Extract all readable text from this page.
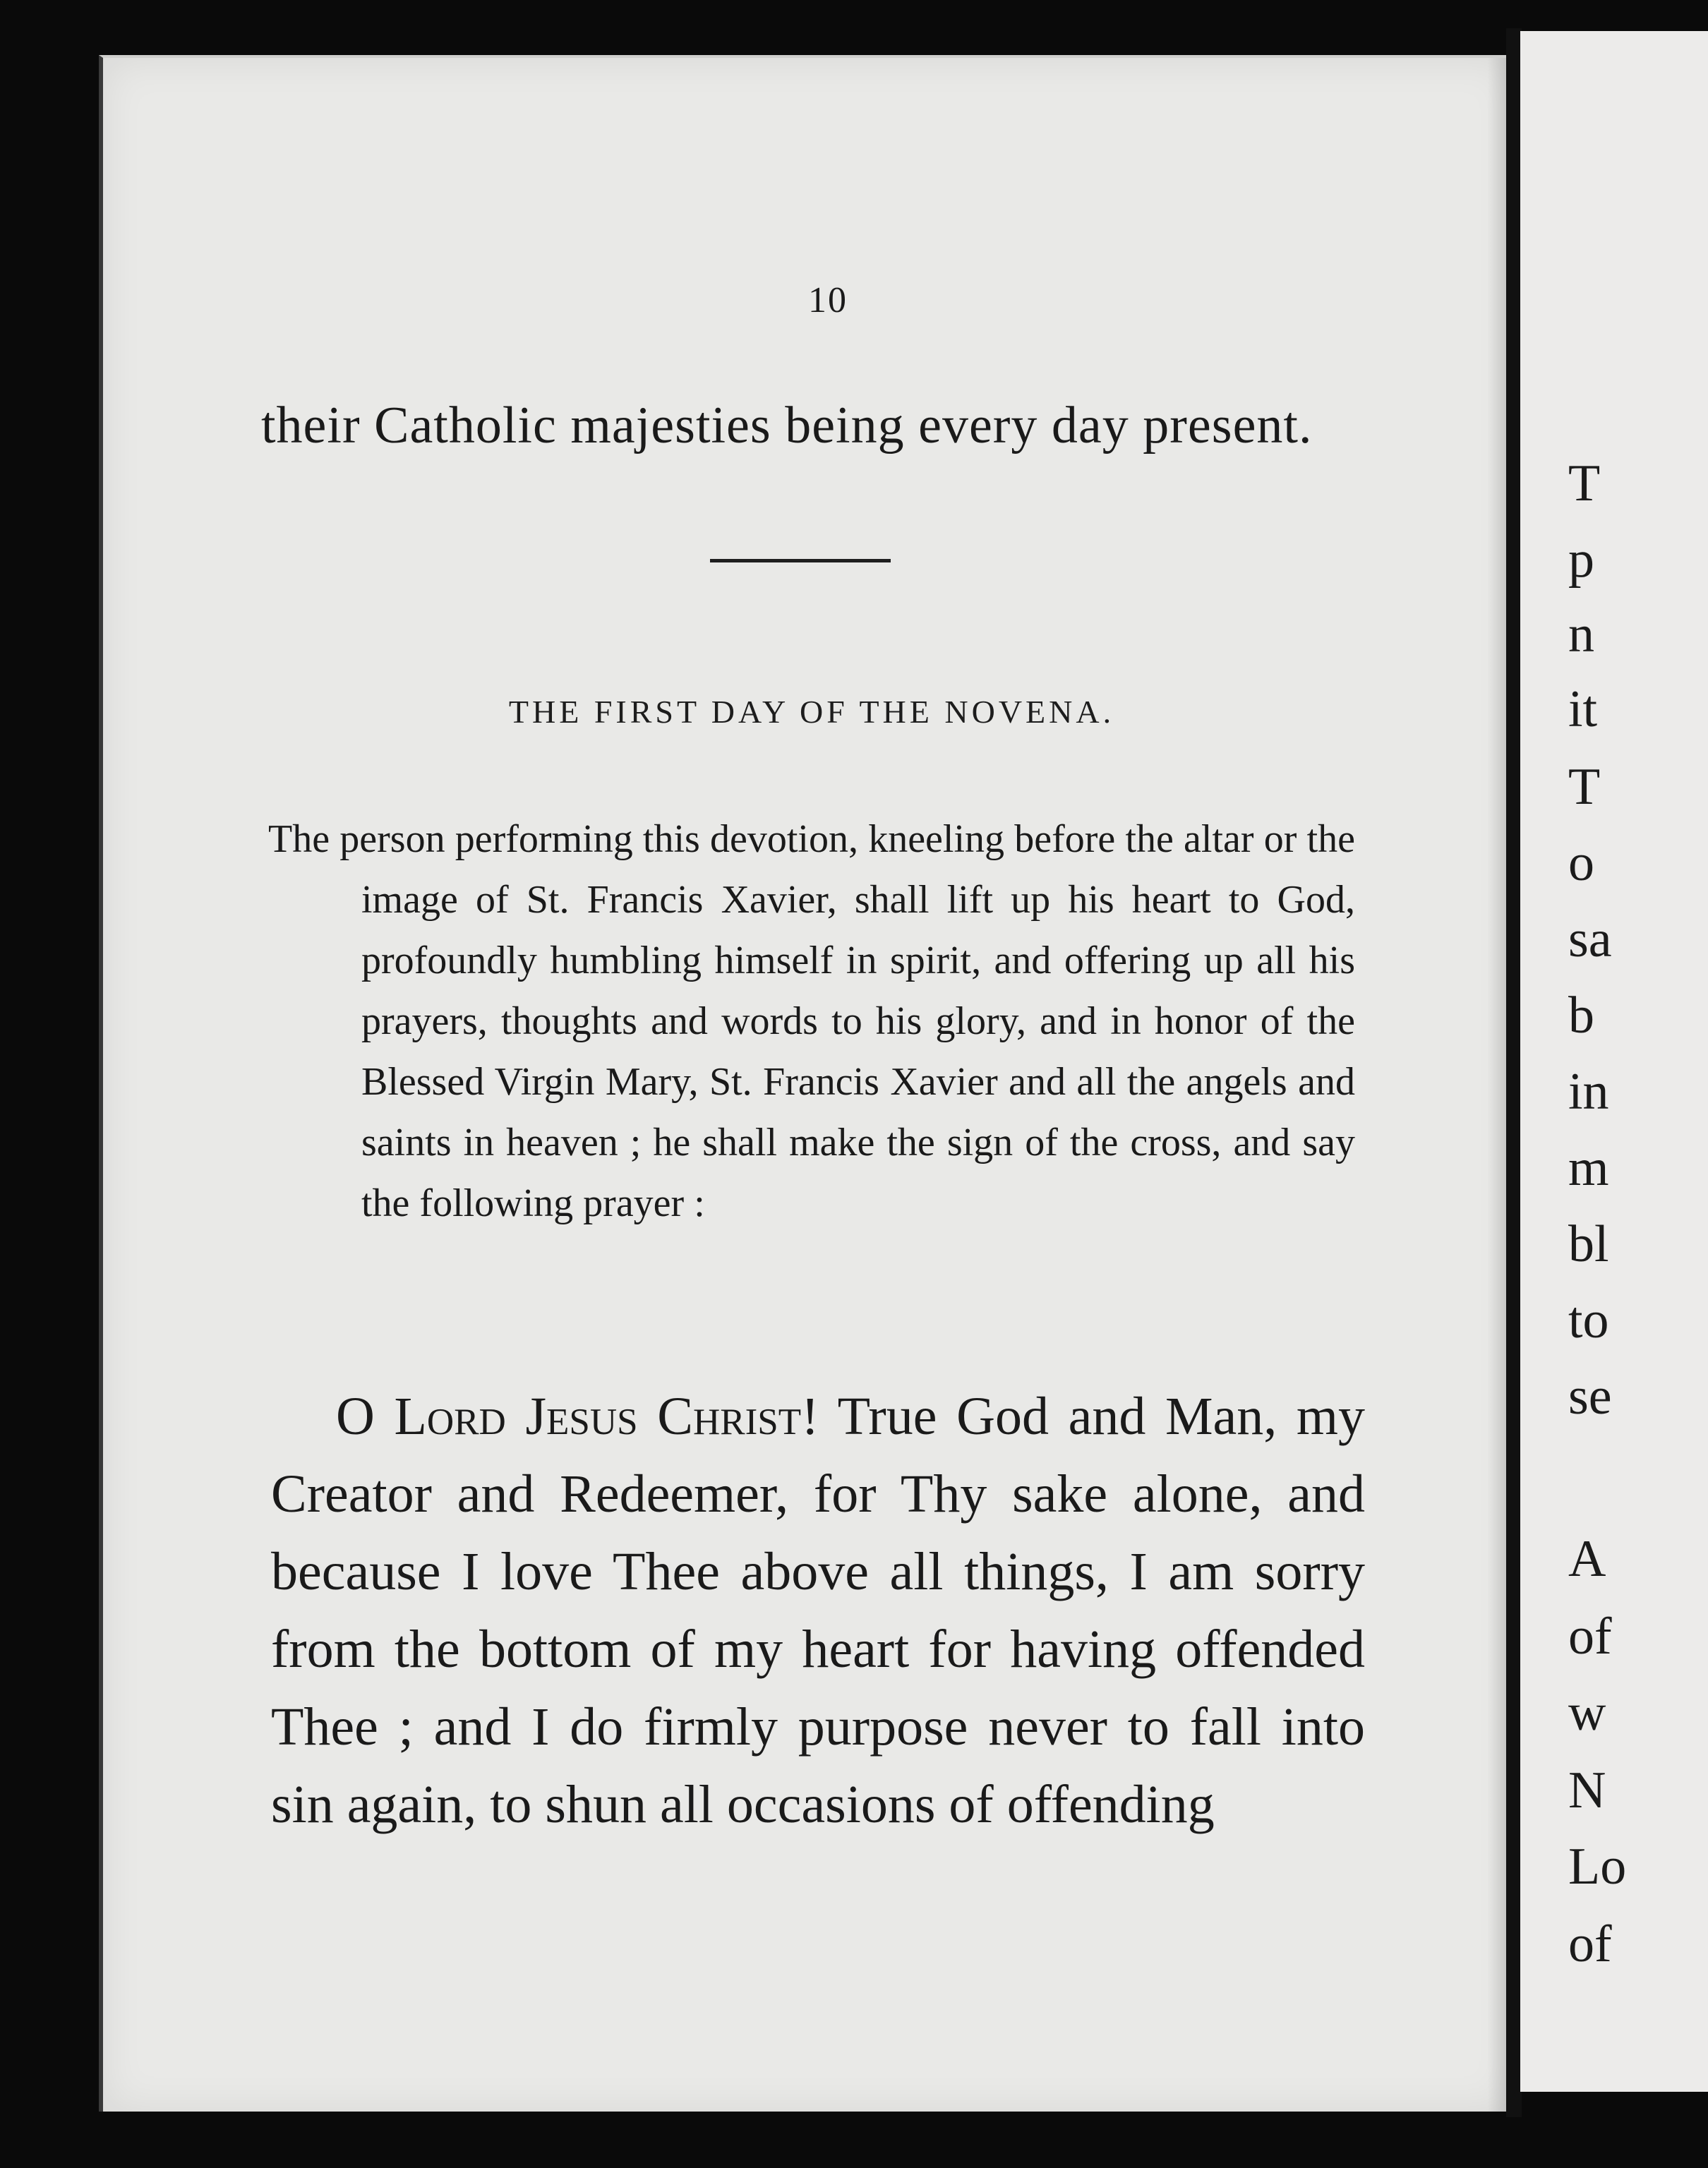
10
their Catholic majesties being every day present.
THE FIRST DAY OF THE NOVENA.
The person performing this devotion, kneeling before the altar or the image of St. Francis Xavier, shall lift up his heart to God, profoundly humbling himself in spirit, and offering up all his prayers, thoughts and words to his glory, and in honor of the Blessed Virgin Mary, St. Francis Xavier and all the angels and saints in heaven ; he shall make the sign of the cross, and say the following prayer :
O Lord Jesus Christ! True God and Man, my Creator and Redeemer, for Thy sake alone, and because I love Thee above all things, I am sorry from the bottom of my heart for having offended Thee ; and I do firmly purpose never to fall into sin again, to shun all occasions of offending
T
p
n
it
T
o
sa
b
in
m
bl
to
se
A
of
w
N
Lo
of
